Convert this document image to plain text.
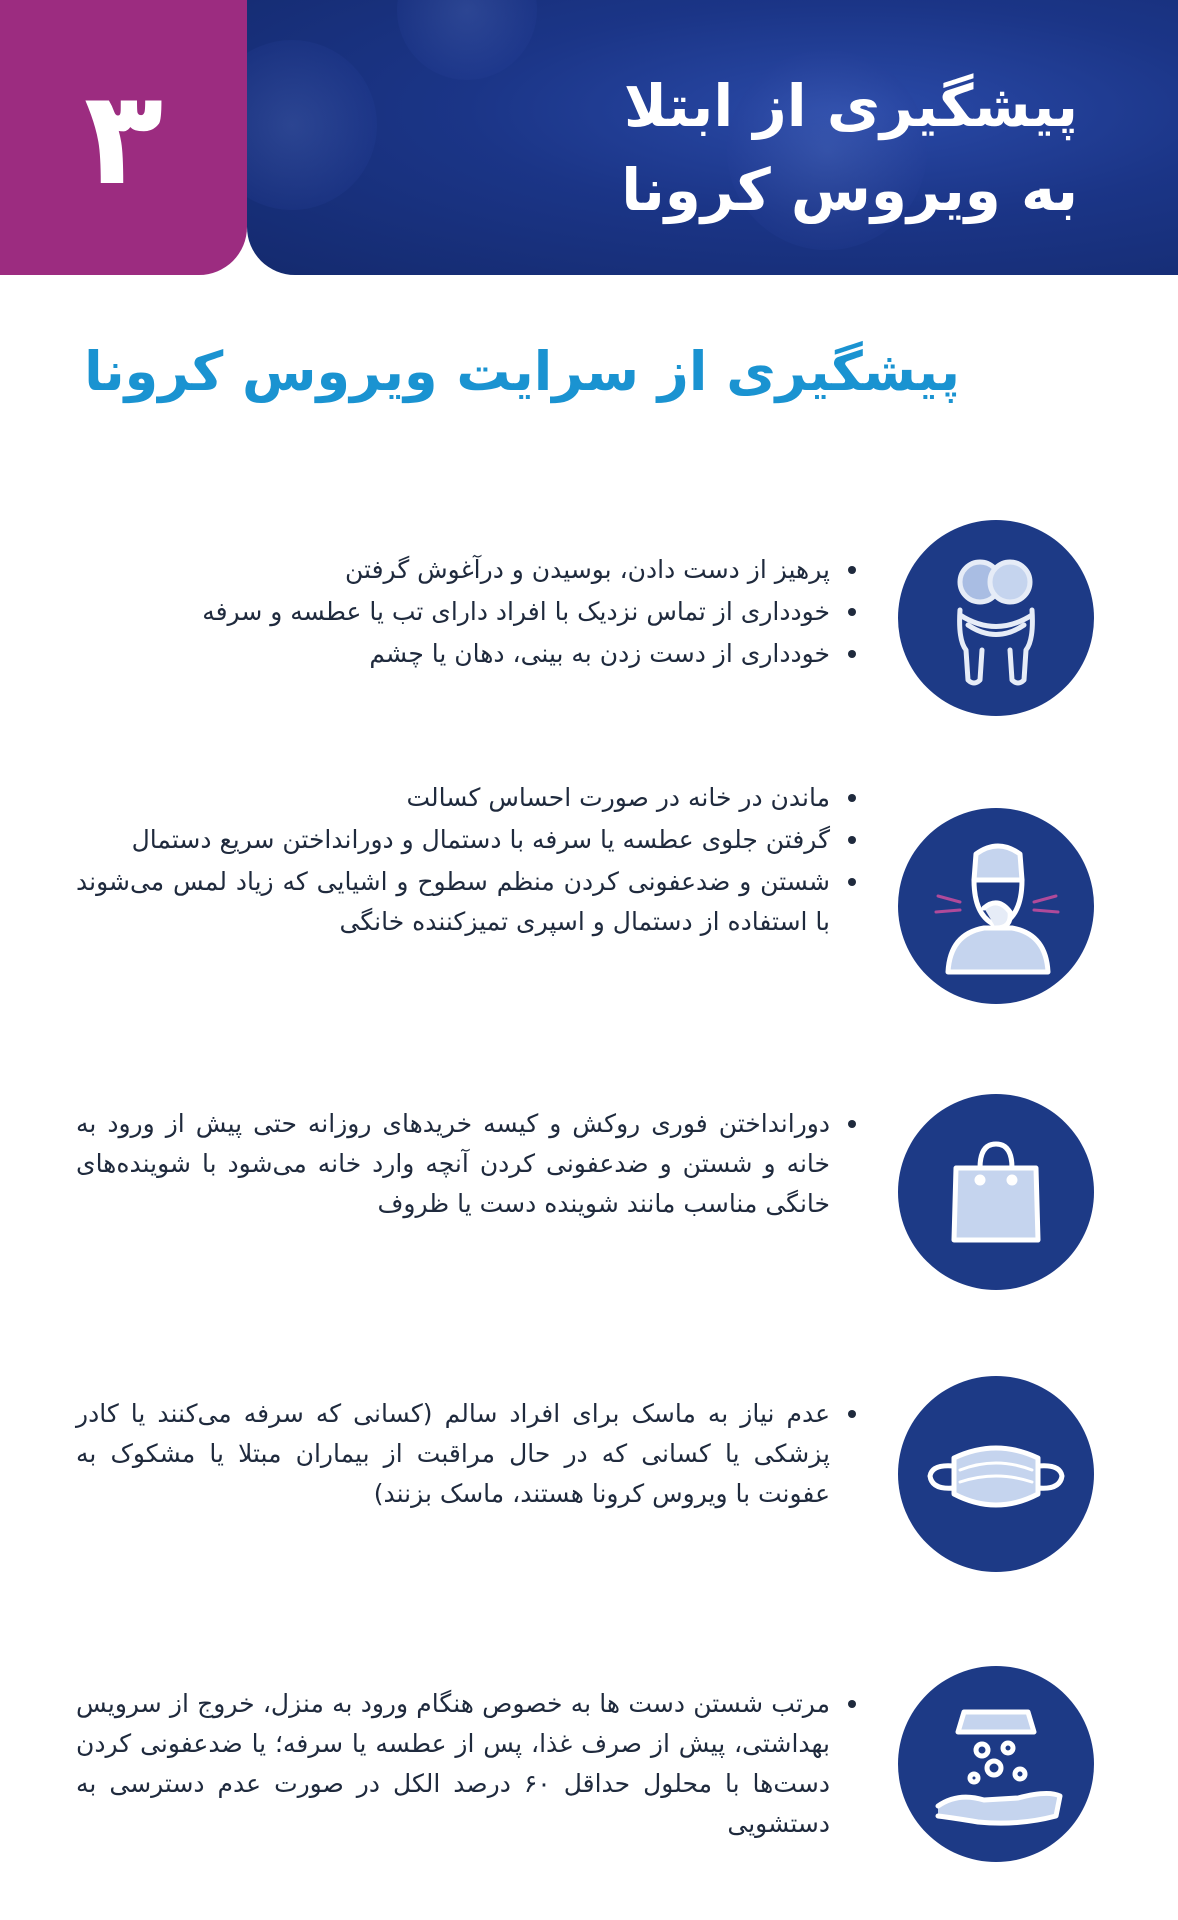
پیشگیری از ابتلا
به ویروس کرونا
۳
پیشگیری از سرایت ویروس کرونا
پرهیز از دست دادن، بوسیدن و درآغوش گرفتن
خودداری از تماس نزدیک با افراد دارای تب یا عطسه و سرفه
خودداری از دست زدن به بینی، دهان یا چشم
ماندن در خانه در صورت احساس کسالت
گرفتن جلوی عطسه یا سرفه با دستمال و دورانداختن سریع دستمال
شستن و ضدعفونی کردن منظم سطوح و اشیایی که زیاد لمس می‌شوند با استفاده از دستمال و اسپری تمیزکننده خانگی
دورانداختن فوری روکش و کیسه خریدهای روزانه حتی پیش از ورود به خانه و شستن و ضدعفونی کردن آنچه وارد خانه می‌شود با شوینده‌های خانگی مناسب مانند شوینده دست یا ظروف
عدم نیاز به ماسک برای افراد سالم (کسانی که سرفه می‌کنند یا کادر پزشکی یا کسانی که در حال مراقبت از بیماران مبتلا یا مشکوک به عفونت با ویروس کرونا هستند، ماسک بزنند)
مرتب شستن دست ها به خصوص هنگام ورود به منزل، خروج از سرویس بهداشتی، پیش از صرف غذا، پس از عطسه یا سرفه؛ یا ضدعفونی کردن دست‌ها با محلول حداقل ۶۰ درصد الکل در صورت عدم دسترسی به دستشویی
